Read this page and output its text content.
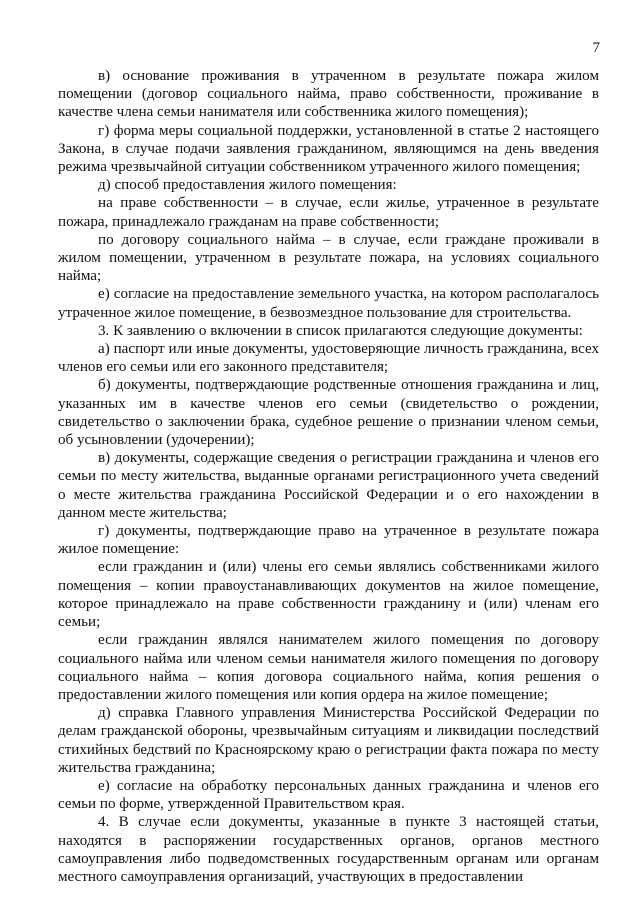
7

в) основание проживания в утраченном в результате пожара жилом помещении (договор социального найма, право собственности, проживание в качестве члена семьи нанимателя или собственника жилого помещения);

г) форма меры социальной поддержки, установленной в статье 2 настоящего Закона, в случае подачи заявления гражданином, являющимся на день введения режима чрезвычайной ситуации собственником утраченного жилого помещения;

д) способ предоставления жилого помещения:

на праве собственности – в случае, если жилье, утраченное в результате пожара, принадлежало гражданам на праве собственности;

по договору социального найма – в случае, если граждане проживали в жилом помещении, утраченном в результате пожара, на условиях социального найма;

е) согласие на предоставление земельного участка, на котором располагалось утраченное жилое помещение, в безвозмездное пользование для строительства.

3. К заявлению о включении в список прилагаются следующие документы:

а) паспорт или иные документы, удостоверяющие личность гражданина, всех членов его семьи или его законного представителя;

б) документы, подтверждающие родственные отношения гражданина и лиц, указанных им в качестве членов его семьи (свидетельство о рождении, свидетельство о заключении брака, судебное решение о признании членом семьи, об усыновлении (удочерении);

в) документы, содержащие сведения о регистрации гражданина и членов его семьи по месту жительства, выданные органами регистрационного учета сведений о месте жительства гражданина Российской Федерации и о его нахождении в данном месте жительства;

г) документы, подтверждающие право на утраченное в результате пожара жилое помещение:

если гражданин и (или) члены его семьи являлись собственниками жилого помещения – копии правоустанавливающих документов на жилое помещение, которое принадлежало на праве собственности гражданину и (или) членам его семьи;

если гражданин являлся нанимателем жилого помещения по договору социального найма или членом семьи нанимателя жилого помещения по договору социального найма – копия договора социального найма, копия решения о предоставлении жилого помещения или копия ордера на жилое помещение;

д) справка Главного управления Министерства Российской Федерации по делам гражданской обороны, чрезвычайным ситуациям и ликвидации последствий стихийных бедствий по Красноярскому краю о регистрации факта пожара по месту жительства гражданина;

е) согласие на обработку персональных данных гражданина и членов его семьи по форме, утвержденной Правительством края.

4. В случае если документы, указанные в пункте 3 настоящей статьи, находятся в распоряжении государственных органов, органов местного самоуправления либо подведомственных государственным органам или органам местного самоуправления организаций, участвующих в предоставлении
